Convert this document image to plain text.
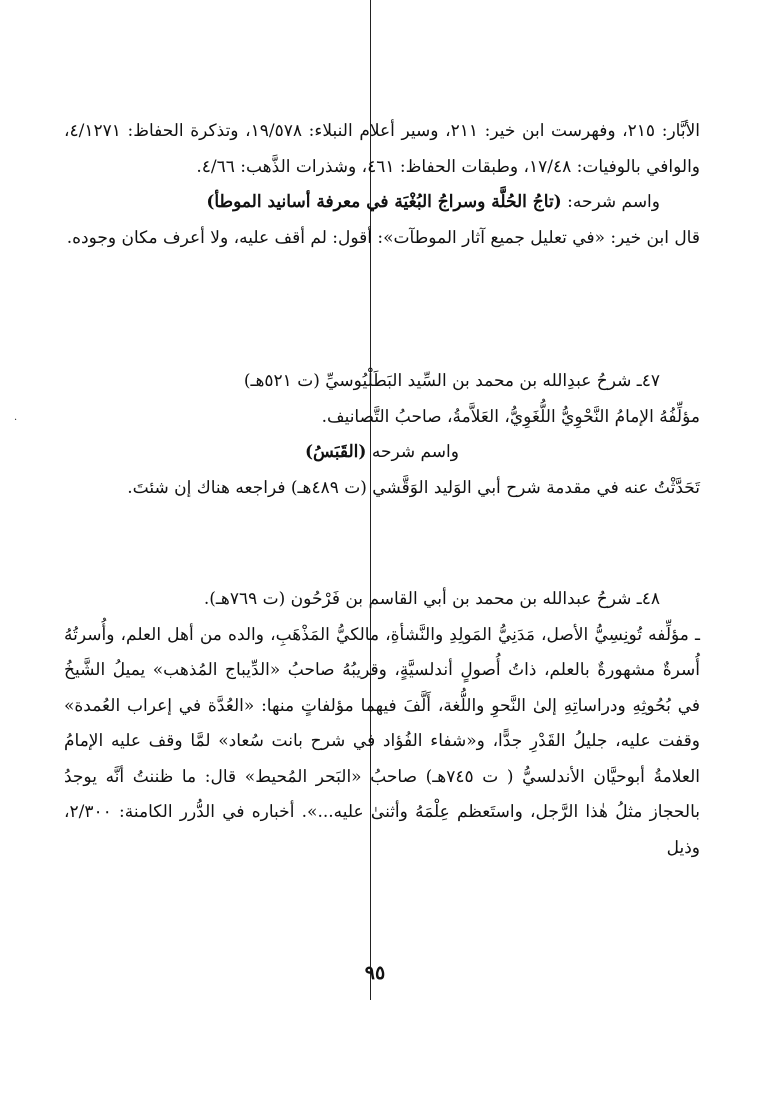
·

الأبَّار: ٢١٥، وفهرست ابن خير: ٢١١، وسير أعلام النبلاء: ١٩/٥٧٨، وتذكرة الحفاظ: ٤/١٢٧١، والوافي بالوفيات: ١٧/٤٨، وطبقات الحفاظ: ٤٦١، وشذرات الذَّهب: ٤/٦٦.

واسم شرحه: (تاجُ الحُلَّة وسراجُ البُغْيَة في معرفة أسانيد الموطأ)

قال ابن خير: «في تعليل جميع آثار الموطآت»: أقول: لم أقف عليه، ولا أعرف مكان وجوده.

٤٧ـ شرحُ عبدِالله بن محمد بن السِّيد البَطَلْيُوسيِّ (ت ٥٢١هـ)

مؤلِّفُهُ الإمامُ النَّحْوِيُّ اللُّغَوِيُّ، العَلاَّمةُ، صاحبُ التَّصانيف.

واسم شرحه (القَبَسُ)

تَحَدَّثْتُ عنه في مقدمة شرح أبي الوَليد الوَقَّشي (ت ٤٨٩هـ) فراجعه هناك إن شئتَ.

٤٨ـ شرحُ عبدالله بن محمد بن أبي القاسم بن فَرْحُون (ت ٧٦٩هـ).

ـ مؤلِّفه تُونِسِيُّ الأصل، مَدَنِيُّ المَولِدِ والنَّشأةِ، مالكيُّ المَذْهَبِ، والده من أهل العلم، وأُسرتُهُ أُسرةٌ مشهورةٌ بالعلم، ذاتُ أُصولٍ أندلسيَّةٍ، وقريبُهُ صاحبُ «الدِّيباج المُذهب» يميلُ الشَّيخُ في بُحُوثِهِ ودراساتِهِ إلىٰ النَّحوِ واللُّغة، أَلَّفَ فيهما مؤلفاتٍ منها: «العُدَّة في إعراب العُمدة» وقفت عليه، جليلُ القَدْرِ جدًّا، و«شفاء الفُؤاد في شرح بانت سُعاد» لمَّا وقف عليه الإمامُ العلامةُ أبوحيَّان الأندلسيُّ ( ت ٧٤٥هـ) صاحبُ «البَحر المُحيط» قال: ما ظننتُ أنَّه يوجدُ بالحجاز مثلُ هٰذا الرَّجل، واستَعظم عِلْمَهُ وأثنىٰ عليه...». أخباره في الدُّرر الكامنة: ٢/٣٠٠، وذيل

٩٥
